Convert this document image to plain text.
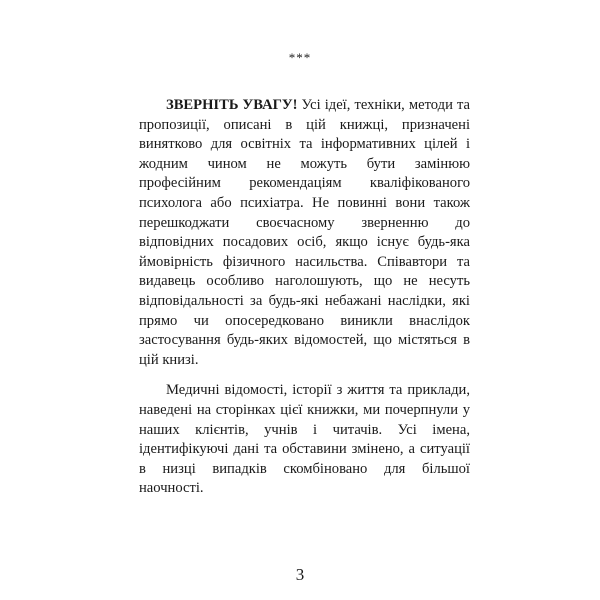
***

ЗВЕРНІТЬ УВАГУ! Усі ідеї, техніки, методи та пропозиції, описані в цій книжці, призначені винятково для освітніх та інформативних цілей і жодним чином не можуть бути замінюю професійним рекомендаціям кваліфікованого психолога або психіатра. Не повинні вони також перешкоджати своєчасному зверненню до відповідних посадових осіб, якщо існує будь-яка ймовірність фізичного насильства. Співавтори та видавець особливо наголошують, що не несуть відповідальності за будь-які небажані наслідки, які прямо чи опосередковано виникли внаслідок застосування будь-яких відомостей, що містяться в цій книзі.

Медичні відомості, історії з життя та приклади, наведені на сторінках цієї книжки, ми почерпнули у наших клієнтів, учнів і читачів. Усі імена, ідентифікуючі дані та обставини змінено, а ситуації в низці випадків скомбіновано для більшої наочності.

3
